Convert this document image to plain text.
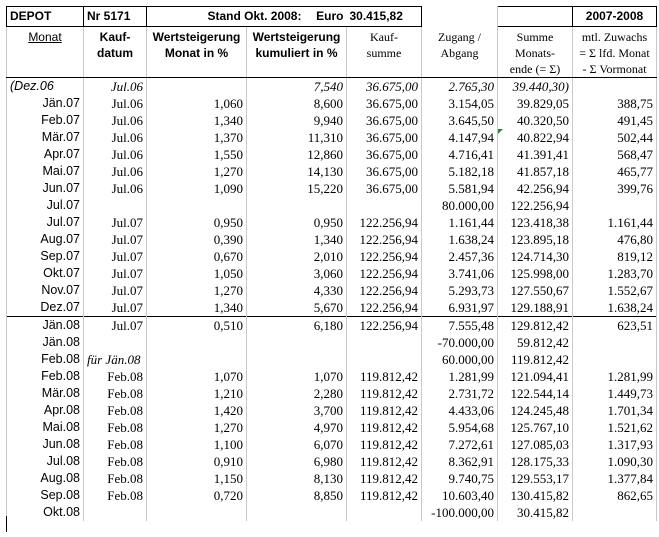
DEPOT	Nr 5171	Stand Okt. 2008: Euro		30.415,82			2007-2008
Monat	Kauf-	Wertsteigerung	Wertsteigerung	Kauf-	Zugang /	Summe	mtl. Zuwachs
	datum	Monat in %	kumuliert in %	summe	Abgang	Monats-	= Σ lfd. Monat
						ende (= Σ)	- Σ Vormonat
(Dez.06	Jul.06		7,540	36.675,00	2.765,30	39.440,30)	
Jän.07	Jul.06	1,060	8,600	36.675,00	3.154,05	39.829,05	388,75
Feb.07	Jul.06	1,340	9,940	36.675,00	3.645,50	40.320,50	491,45
Mär.07	Jul.06	1,370	11,310	36.675,00	4.147,94	40.822,94	502,44
Apr.07	Jul.06	1,550	12,860	36.675,00	4.716,41	41.391,41	568,47
Mai.07	Jul.06	1,270	14,130	36.675,00	5.182,18	41.857,18	465,77
Jun.07	Jul.06	1,090	15,220	36.675,00	5.581,94	42.256,94	399,76
Jul.07					80.000,00	122.256,94	
Jul.07	Jul.07	0,950	0,950	122.256,94	1.161,44	123.418,38	1.161,44
Aug.07	Jul.07	0,390	1,340	122.256,94	1.638,24	123.895,18	476,80
Sep.07	Jul.07	0,670	2,010	122.256,94	2.457,36	124.714,30	819,12
Okt.07	Jul.07	1,050	3,060	122.256,94	3.741,06	125.998,00	1.283,70
Nov.07	Jul.07	1,270	4,330	122.256,94	5.293,73	127.550,67	1.552,67
Dez.07	Jul.07	1,340	5,670	122.256,94	6.931,97	129.188,91	1.638,24
Jän.08	Jul.07	0,510	6,180	122.256,94	7.555,48	129.812,42	623,51
Jän.08					-70.000,00	59.812,42	
Feb.08	für Jän.08				60.000,00	119.812,42	
Feb.08	Feb.08	1,070	1,070	119.812,42	1.281,99	121.094,41	1.281,99
Mär.08	Feb.08	1,210	2,280	119.812,42	2.731,72	122.544,14	1.449,73
Apr.08	Feb.08	1,420	3,700	119.812,42	4.433,06	124.245,48	1.701,34
Mai.08	Feb.08	1,270	4,970	119.812,42	5.954,68	125.767,10	1.521,62
Jun.08	Feb.08	1,100	6,070	119.812,42	7.272,61	127.085,03	1.317,93
Jul.08	Feb.08	0,910	6,980	119.812,42	8.362,91	128.175,33	1.090,30
Aug.08	Feb.08	1,150	8,130	119.812,42	9.740,75	129.553,17	1.377,84
Sep.08	Feb.08	0,720	8,850	119.812,42	10.603,40	130.415,82	862,65
Okt.08					-100.000,00	30.415,82	
